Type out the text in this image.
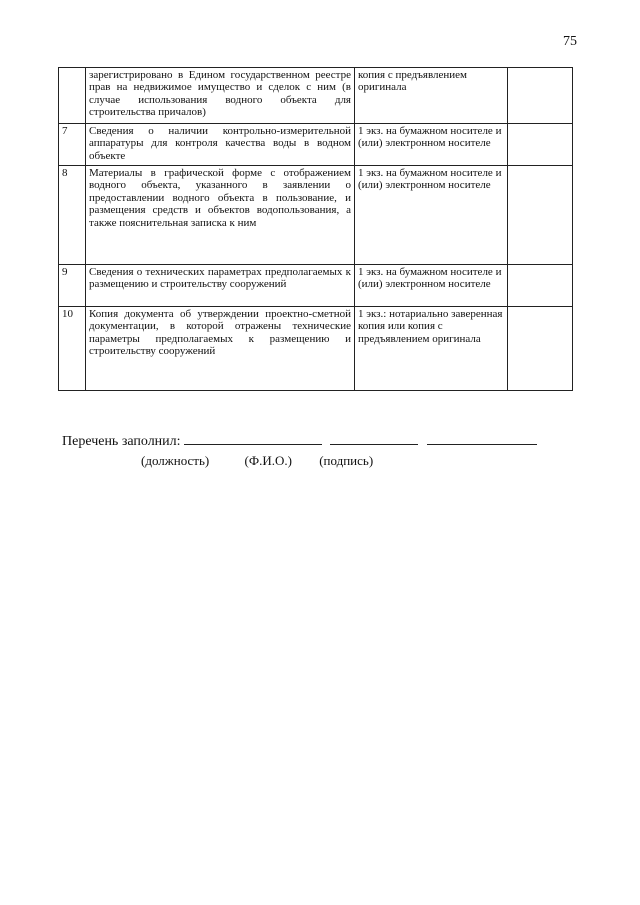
75
	зарегистрировано в Едином государственном реестре прав на недвижимое имущество и сделок с ним (в случае использования водного объекта для строительства причалов)	копия с предъявлением оригинала	
7	Сведения о наличии контрольно-измерительной аппаратуры для контроля качества воды в водном объекте	1 экз. на бумажном носителе и (или) электронном носителе	
8	Материалы в графической форме с отображением водного объекта, указанного в заявлении о предоставлении водного объекта в пользование, и размещения средств и объектов водопользования, а также пояснительная записка к ним	1 экз. на бумажном носителе и (или) электронном носителе	
9	Сведения о технических параметрах предполагаемых к размещению и строительству сооружений	1 экз. на бумажном носителе и (или) электронном носителе	
10	Копия документа об утверждении проектно-сметной документации, в которой отражены технические параметры предполагаемых к размещению и строительству сооружений	1 экз.: нотариально заверенная копия или копия с предъявлением оригинала	
Перечень заполнил:
(должность)	(Ф.И.О.) (подпись)
